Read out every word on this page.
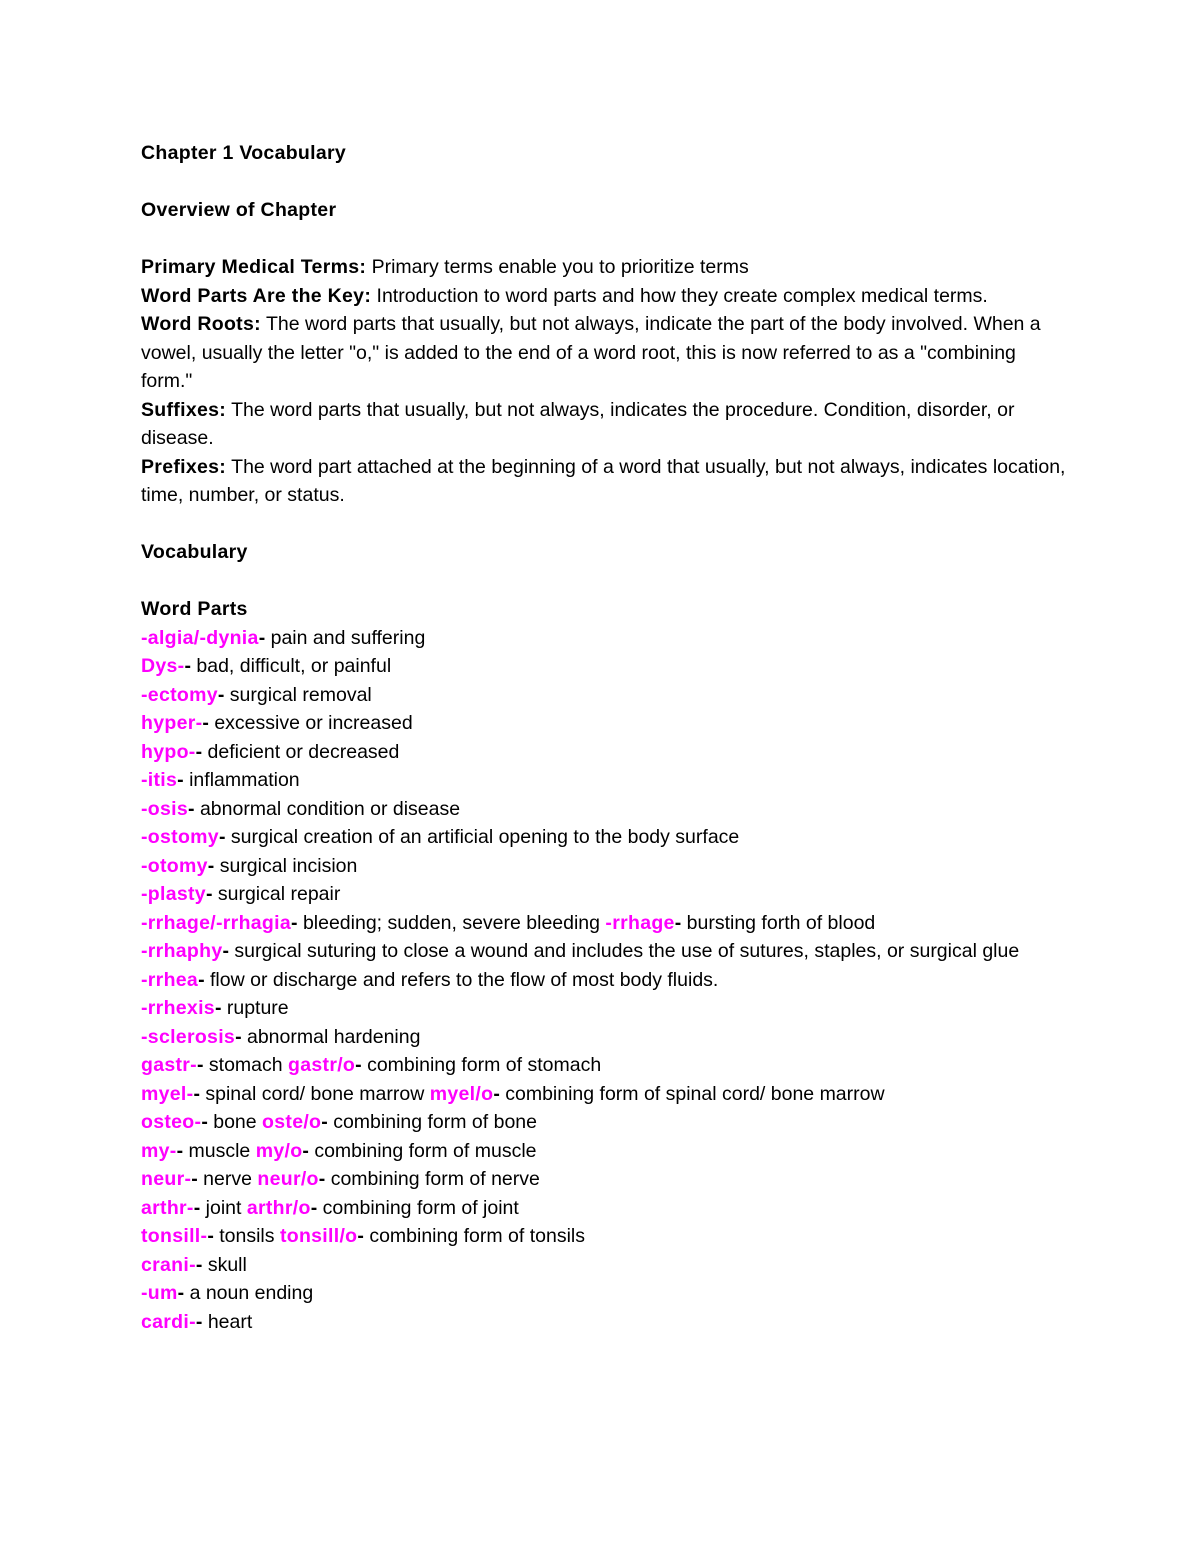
Chapter 1 Vocabulary

Overview of Chapter

Primary Medical Terms: Primary terms enable you to prioritize terms

Word Parts Are the Key: Introduction to word parts and how they create complex medical terms.

Word Roots: The word parts that usually, but not always, indicate the part of the body involved. When a vowel, usually the letter "o," is added to the end of a word root, this is now referred to as a "combining form."

Suffixes: The word parts that usually, but not always, indicates the procedure. Condition, disorder, or disease.

Prefixes: The word part attached at the beginning of a word that usually, but not always, indicates location, time, number, or status.

Vocabulary

Word Parts

-algia/-dynia- pain and suffering

Dys-- bad, difficult, or painful

-ectomy- surgical removal

hyper-- excessive or increased

hypo-- deficient or decreased

-itis- inflammation

-osis- abnormal condition or disease

-ostomy- surgical creation of an artificial opening to the body surface

-otomy- surgical incision

-plasty- surgical repair

-rrhage/-rrhagia- bleeding; sudden, severe bleeding -rrhage- bursting forth of blood

-rrhaphy- surgical suturing to close a wound and includes the use of sutures, staples, or surgical glue

-rrhea- flow or discharge and refers to the flow of most body fluids.

-rrhexis- rupture

-sclerosis- abnormal hardening

gastr-- stomach gastr/o- combining form of stomach

myel-- spinal cord/ bone marrow myel/o- combining form of spinal cord/ bone marrow

osteo-- bone oste/o- combining form of bone

my-- muscle my/o- combining form of muscle

neur-- nerve neur/o- combining form of nerve

arthr-- joint arthr/o- combining form of joint

tonsill-- tonsils tonsill/o- combining form of tonsils

crani-- skull

-um- a noun ending

cardi-- heart
